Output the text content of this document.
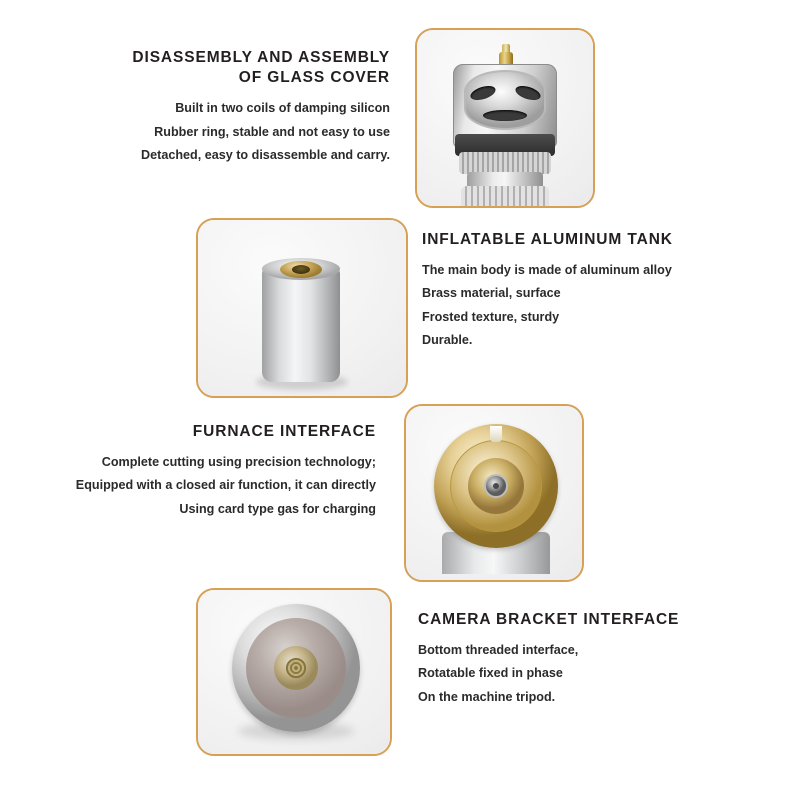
DISASSEMBLY AND ASSEMBLY
OF GLASS COVER
Built in two coils of damping silicon
Rubber ring, stable and not easy to use
Detached, easy to disassemble and carry.
INFLATABLE ALUMINUM TANK
The main body is made of aluminum alloy
Brass material, surface
Frosted texture, sturdy
Durable.
FURNACE INTERFACE
Complete cutting using precision technology;
Equipped with a closed air function, it can directly
Using card type gas for charging
CAMERA BRACKET INTERFACE
Bottom threaded interface,
Rotatable fixed in phase
On the machine tripod.
